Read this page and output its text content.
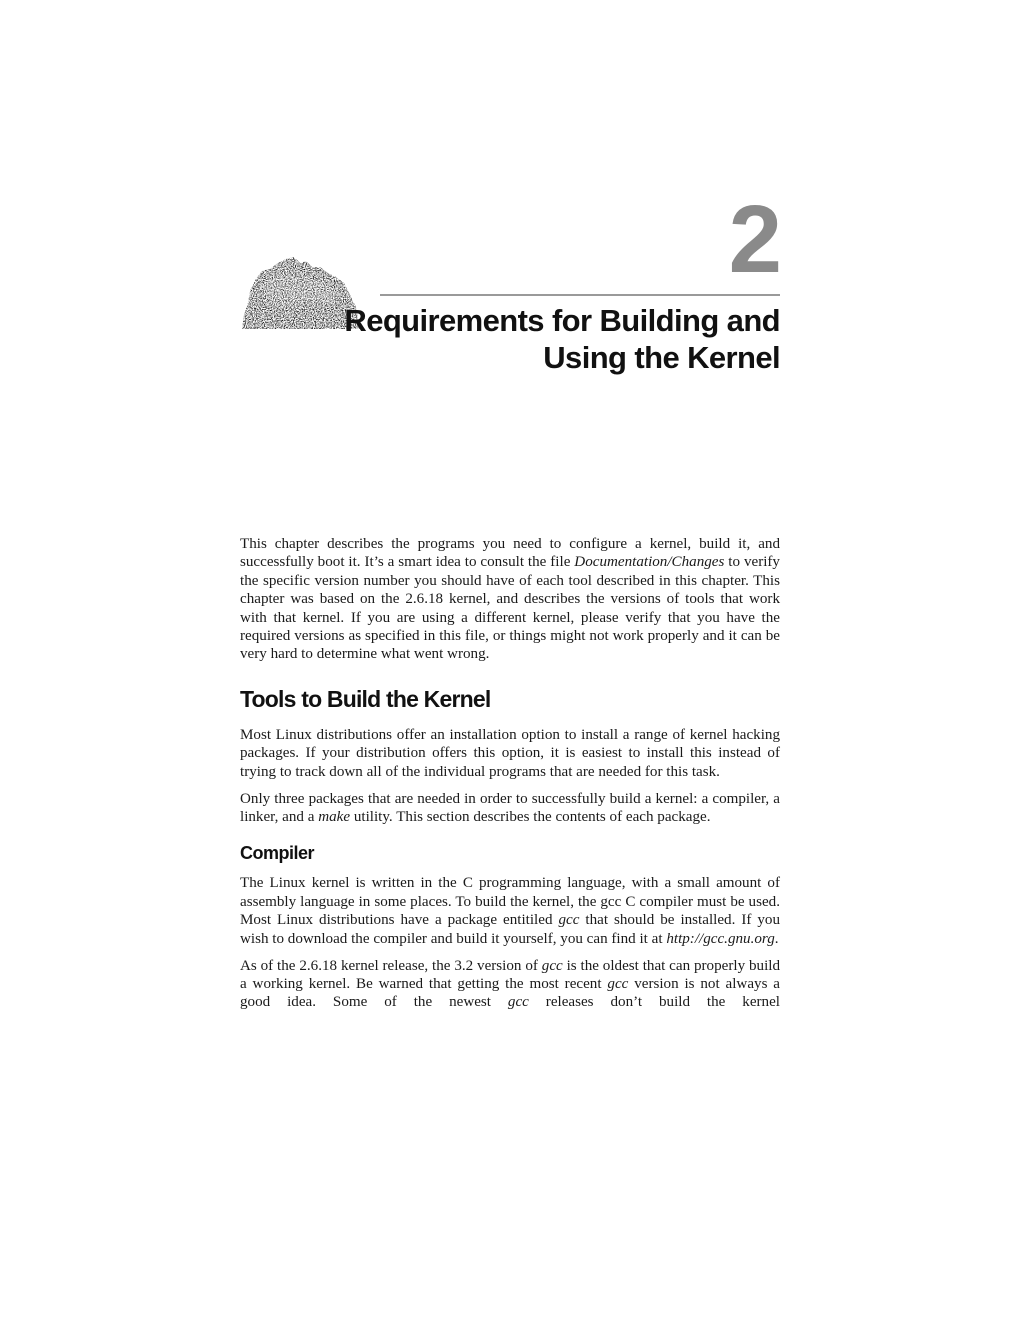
2
Requirements for Building and
Using the Kernel

This chapter describes the programs you need to configure a kernel, build it, and successfully boot it. It’s a smart idea to consult the file Documentation/Changes to verify the specific version number you should have of each tool described in this chapter. This chapter was based on the 2.6.18 kernel, and describes the versions of tools that work with that kernel. If you are using a different kernel, please verify that you have the required versions as specified in this file, or things might not work properly and it can be very hard to determine what went wrong.

Tools to Build the Kernel

Most Linux distributions offer an installation option to install a range of kernel hacking packages. If your distribution offers this option, it is easiest to install this instead of trying to track down all of the individual programs that are needed for this task.

Only three packages that are needed in order to successfully build a kernel: a compiler, a linker, and a make utility. This section describes the contents of each package.

Compiler

The Linux kernel is written in the C programming language, with a small amount of assembly language in some places. To build the kernel, the gcc C compiler must be used. Most Linux distributions have a package entitiled gcc that should be installed. If you wish to download the compiler and build it yourself, you can find it at http://gcc.gnu.org.

As of the 2.6.18 kernel release, the 3.2 version of gcc is the oldest that can properly build a working kernel. Be warned that getting the most recent gcc version is not always a good idea. Some of the newest gcc releases don’t build the kernel
